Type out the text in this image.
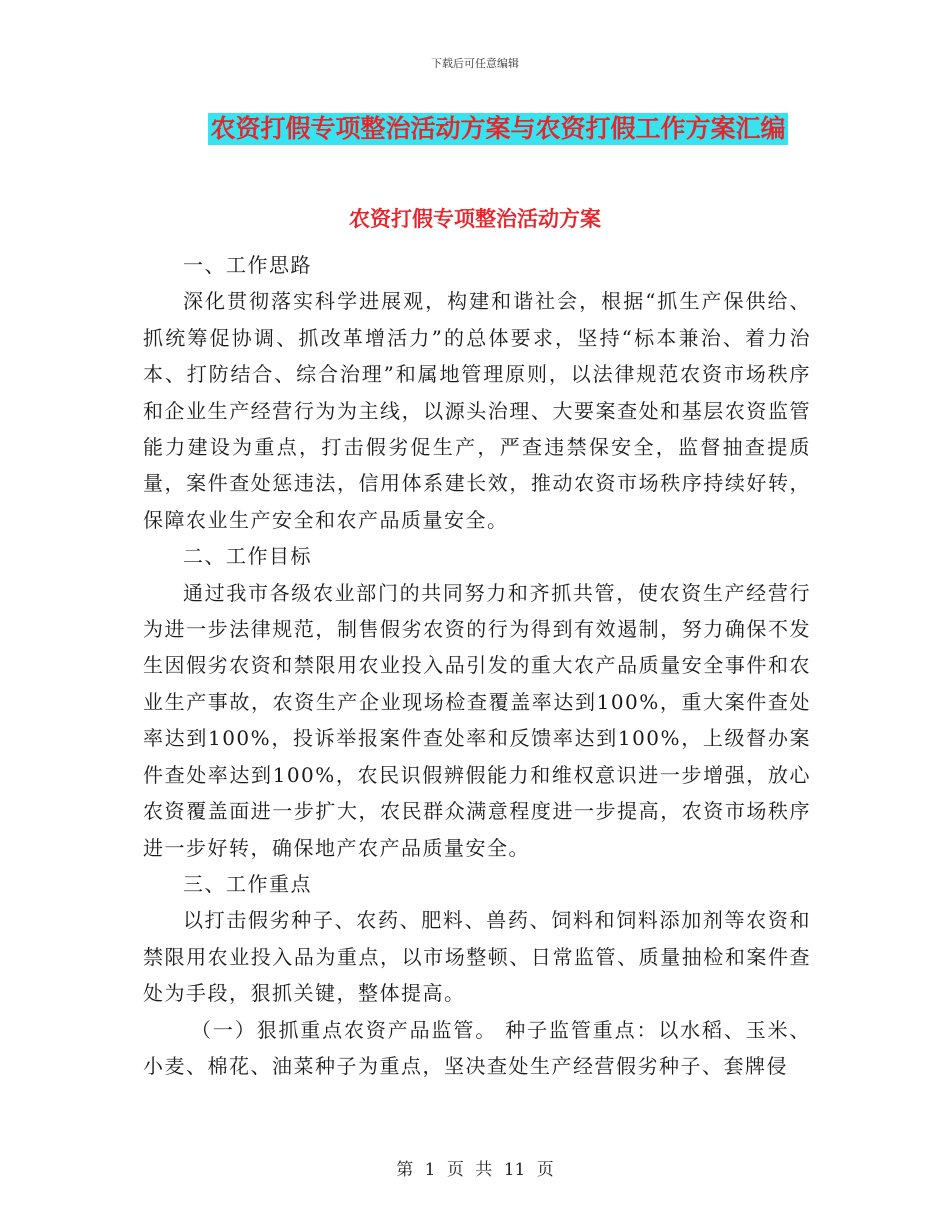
下载后可任意编辑
农资打假专项整治活动方案与农资打假工作方案汇编
农资打假专项整治活动方案

一、工作思路

深化贯彻落实科学进展观，构建和谐社会，根据“抓生产保供给、抓统筹促协调、抓改革增活力”的总体要求，坚持“标本兼治、着力治本、打防结合、综合治理”和属地管理原则，以法律规范农资市场秩序和企业生产经营行为为主线，以源头治理、大要案查处和基层农资监管能力建设为重点，打击假劣促生产，严查违禁保安全，监督抽查提质量，案件查处惩违法，信用体系建长效，推动农资市场秩序持续好转，保障农业生产安全和农产品质量安全。

二、工作目标

通过我市各级农业部门的共同努力和齐抓共管，使农资生产经营行为进一步法律规范，制售假劣农资的行为得到有效遏制，努力确保不发生因假劣农资和禁限用农业投入品引发的重大农产品质量安全事件和农业生产事故，农资生产企业现场检查覆盖率达到100%，重大案件查处率达到100%，投诉举报案件查处率和反馈率达到100%，上级督办案件查处率达到100%，农民识假辨假能力和维权意识进一步增强，放心农资覆盖面进一步扩大，农民群众满意程度进一步提高，农资市场秩序进一步好转，确保地产农产品质量安全。

三、工作重点

以打击假劣种子、农药、肥料、兽药、饲料和饲料添加剂等农资和禁限用农业投入品为重点，以市场整顿、日常监管、质量抽检和案件查处为手段，狠抓关键，整体提高。

（一）狠抓重点农资产品监管。 种子监管重点：以水稻、玉米、小麦、棉花、油菜种子为重点，坚决查处生产经营假劣种子、套牌侵

第 1 页 共 11 页
